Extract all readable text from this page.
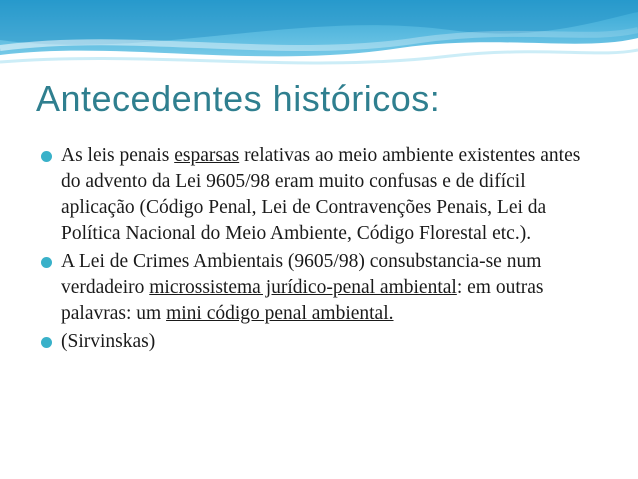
Antecedentes históricos:
As leis penais esparsas relativas ao meio ambiente existentes antes do advento da Lei 9605/98 eram muito confusas e de difícil aplicação (Código Penal, Lei de Contravenções Penais, Lei da Política Nacional do Meio Ambiente, Código Florestal etc.).
A Lei de Crimes Ambientais (9605/98) consubstancia-se num verdadeiro microssistema jurídico-penal ambiental: em outras palavras: um mini código penal ambiental.
(Sirvinskas)
